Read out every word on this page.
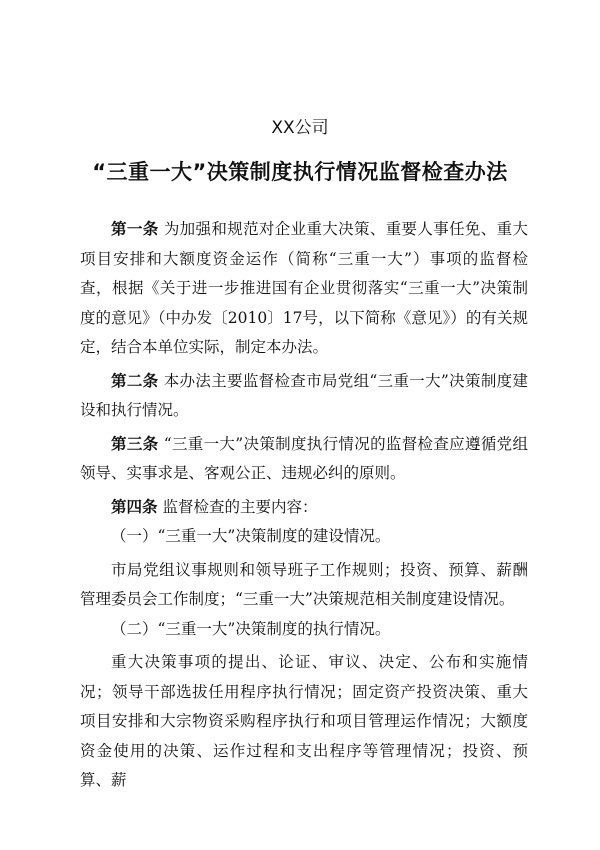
XX公司
“三重一大”决策制度执行情况监督检查办法

第一条 为加强和规范对企业重大决策、重要人事任免、重大项目安排和大额度资金运作（简称“三重一大”）事项的监督检查，根据《关于进一步推进国有企业贯彻落实“三重一大”决策制度的意见》（中办发〔2010〕17号，以下简称《意见》）的有关规定，结合本单位实际，制定本办法。

第二条 本办法主要监督检查市局党组“三重一大”决策制度建设和执行情况。

第三条 “三重一大”决策制度执行情况的监督检查应遵循党组领导、实事求是、客观公正、违规必纠的原则。

第四条 监督检查的主要内容：

（一）“三重一大”决策制度的建设情况。

市局党组议事规则和领导班子工作规则；投资、预算、薪酬管理委员会工作制度；“三重一大”决策规范相关制度建设情况。

（二）“三重一大”决策制度的执行情况。

重大决策事项的提出、论证、审议、决定、公布和实施情况；领导干部选拔任用程序执行情况；固定资产投资决策、重大项目安排和大宗物资采购程序执行和项目管理运作情况；大额度资金使用的决策、运作过程和支出程序等管理情况；投资、预算、薪
